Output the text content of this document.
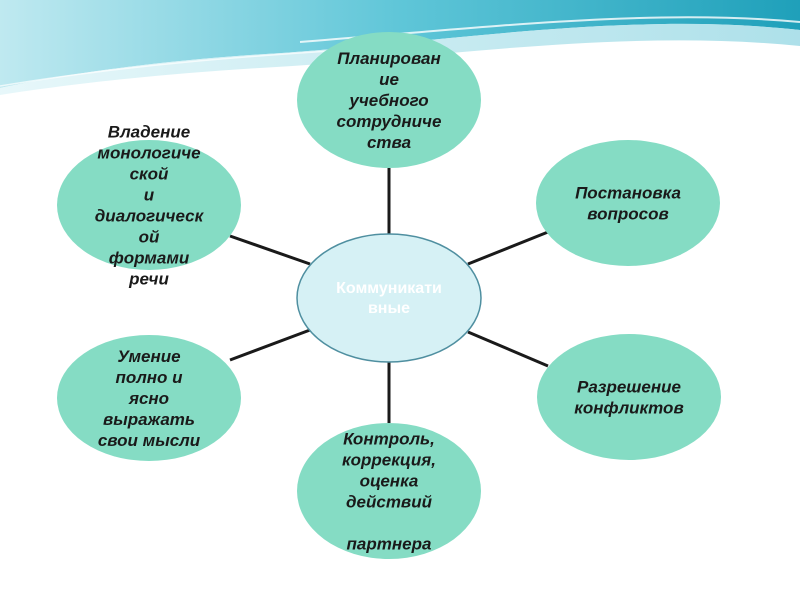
Коммуникати
вные
Планирован
ие
учебного
сотрудниче
ства
Постановка
вопросов
Разрешение
конфликтов
Контроль,
коррекция,
оценка
действий
партнера
Умение
полно и
ясно
выражать
свои мысли
Владение
монологиче
ской
и
диалогическ
ой
формами
речи
